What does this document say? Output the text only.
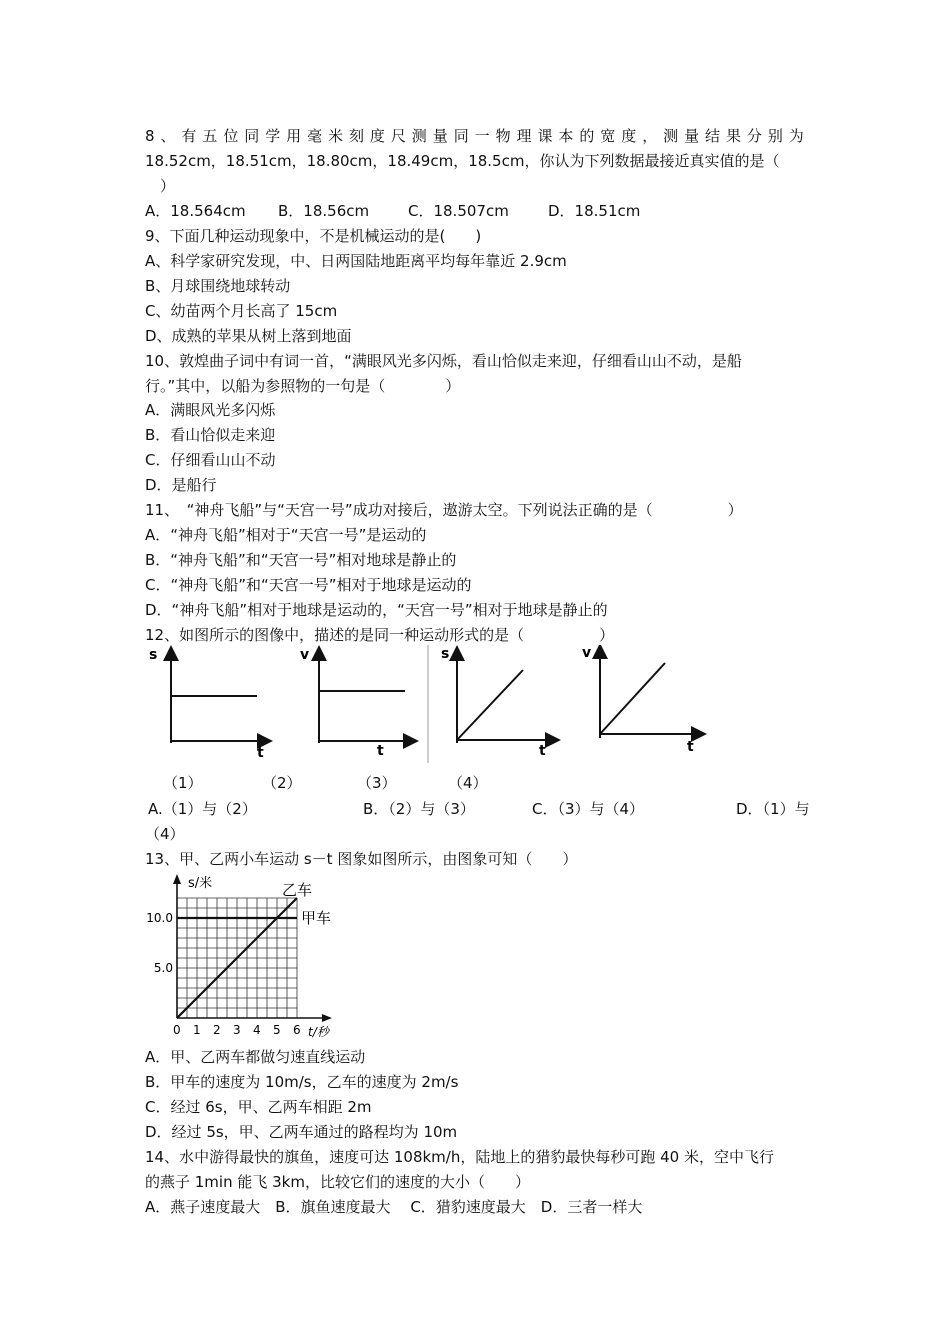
8、有五位同学用毫米刻度尺测量同一物理课本的宽度，测量结果分别为
18.52cm，18.51cm，18.80cm，18.49cm，18.5cm，你认为下列数据最接近真实值的是（
）
A．18.564cm B．18.56cm	C．18.507cm	D．18.51cm
9、下面几种运动现象中，不是机械运动的是(　　)
A、科学家研究发现，中、日两国陆地距离平均每年靠近 2.9cm
B、月球围绕地球转动
C、幼苗两个月长高了 15cm
D、成熟的苹果从树上落到地面
10、敦煌曲子词中有词一首，“满眼风光多闪烁，看山恰似走来迎，仔细看山山不动，是船
行。”其中，以船为参照物的一句是（　　　　）
A．满眼风光多闪烁
B．看山恰似走来迎
C．仔细看山山不动
D．是船行
11、　“神舟飞船”与“天宫一号”成功对接后，遨游太空。下列说法正确的是（　　　　　）
A．“神舟飞船”相对于“天宫一号”是运动的
B．“神舟飞船”和“天宫一号”相对地球是静止的
C．“神舟飞船”和“天宫一号”相对于地球是运动的
D．“神舟飞船”相对于地球是运动的，“天宫一号”相对于地球是静止的
12、如图所示的图像中，描述的是同一种运动形式的是（　　　　　）
s
t
v
t
s
t
v
t
（1）	（2）	（3）	（4）
A.（1）与（2）	B．（2）与（3）	C．（3）与（4）	D．（1）与
（4）
13、甲、乙两小车运动 s－t 图象如图所示，由图象可知（　　）
甲车
乙车
0 1 2 3 4 5 6
5.0
10.0
s/米
t/秒
A．甲、乙两车都做匀速直线运动
B．甲车的速度为 10m/s，乙车的速度为 2m/s
C．经过 6s，甲、乙两车相距 2m
D．经过 5s，甲、乙两车通过的路程均为 10m
14、水中游得最快的旗鱼，速度可达 108km/h，陆地上的猎豹最快每秒可跑 40 米，空中飞行
的燕子 1min 能飞 3km，比较它们的速度的大小（　　）
A．燕子速度最大　B．旗鱼速度最大　 C．猎豹速度最大　D．三者一样大
